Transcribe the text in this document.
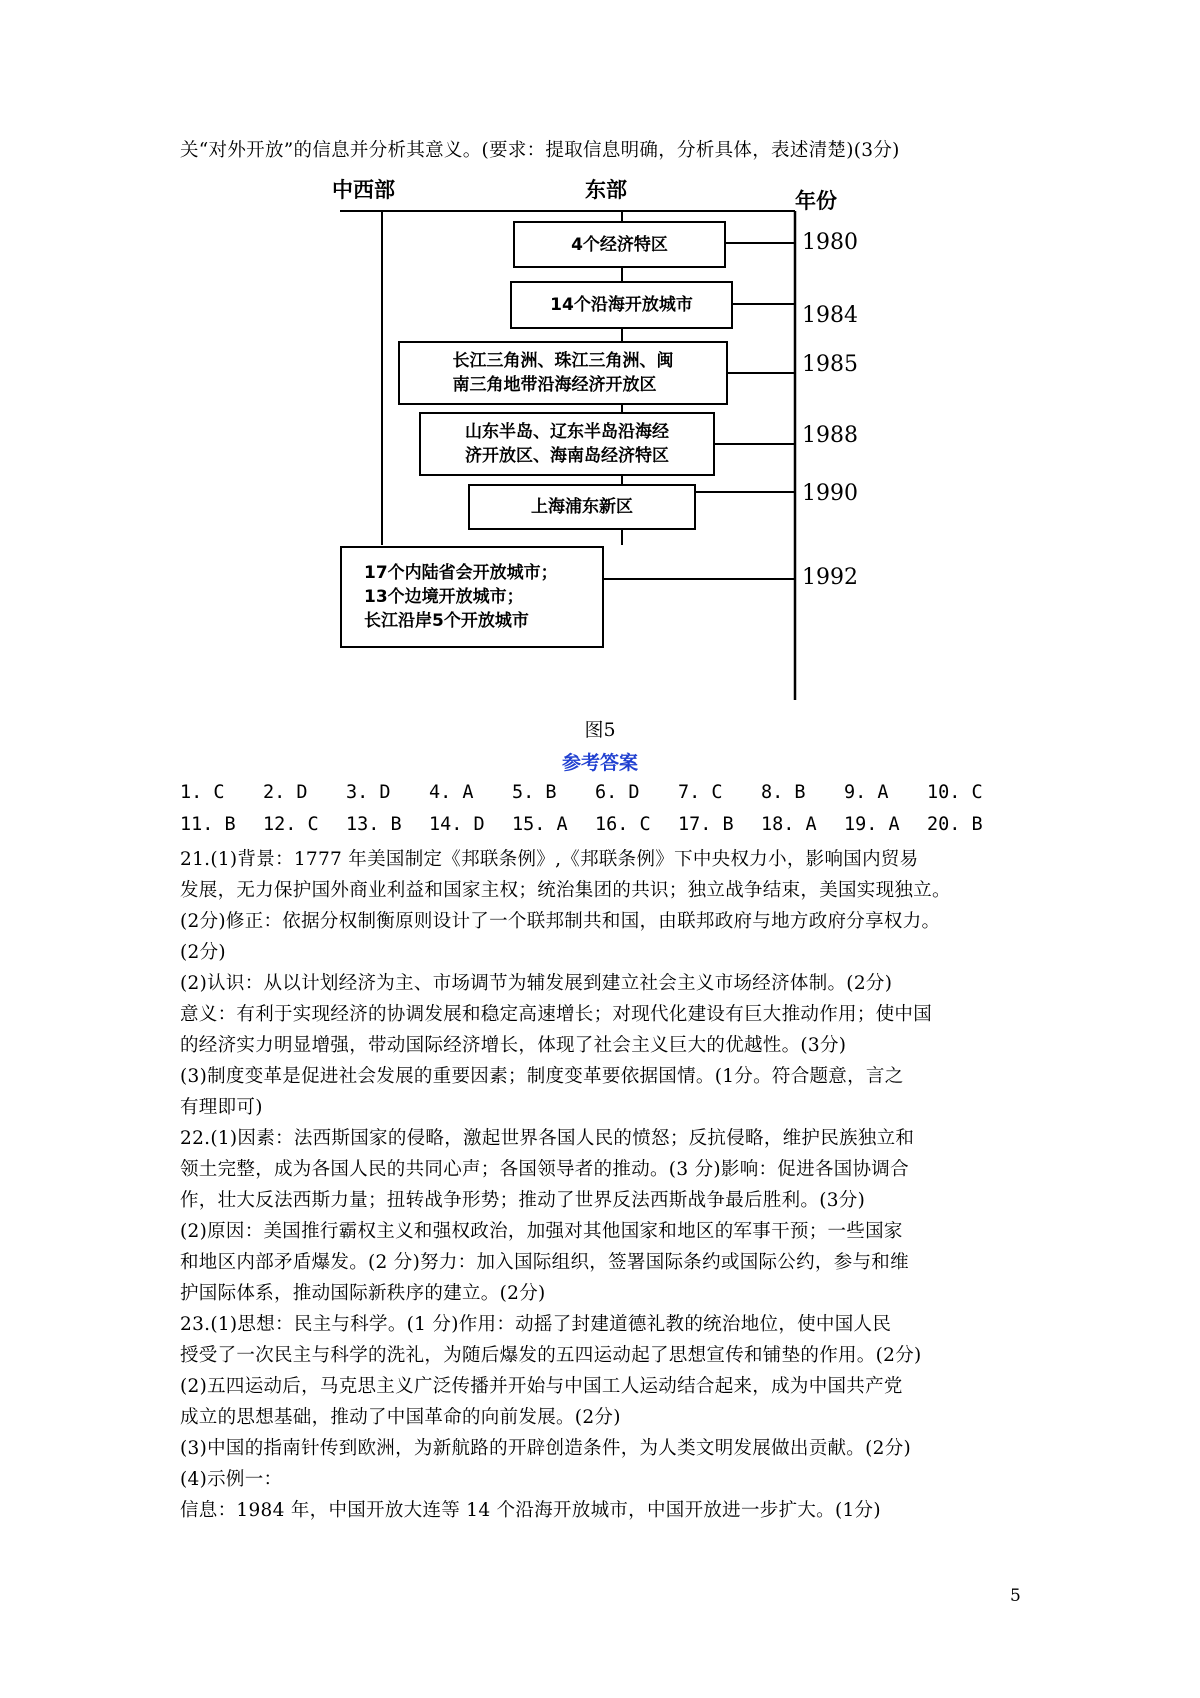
关“对外开放”的信息并分析其意义。(要求：提取信息明确，分析具体，表述清楚)(3分)
中西部	东部	年份
4个经济特区
14个沿海开放城市
长江三角洲、珠江三角洲、闽
南三角地带沿海经济开放区
山东半岛、辽东半岛沿海经
济开放区、海南岛经济特区
上海浦东新区
17个内陆省会开放城市；
13个边境开放城市；
长江沿岸5个开放城市
1980
1984
1985
1988
1990
1992
图5
参考答案
1. C 2. D 3. D 4. A 5. B 6. D 7. C 8. B 9. A 10. C
11. B 12. C 13. B 14. D 15. A 16. C 17. B 18. A 19. A 20. B
21.(1)背景：1777 年美国制定《邦联条例》,《邦联条例》下中央权力小，影响国内贸易
发展，无力保护国外商业利益和国家主权；统治集团的共识；独立战争结束，美国实现独立。
(2分)修正：依据分权制衡原则设计了一个联邦制共和国，由联邦政府与地方政府分享权力。
(2分)
(2)认识：从以计划经济为主、市场调节为辅发展到建立社会主义市场经济体制。(2分)
意义：有利于实现经济的协调发展和稳定高速增长；对现代化建设有巨大推动作用；使中国
的经济实力明显增强，带动国际经济增长，体现了社会主义巨大的优越性。(3分)
(3)制度变革是促进社会发展的重要因素；制度变革要依据国情。(1分。符合题意，言之
有理即可)
22.(1)因素：法西斯国家的侵略，激起世界各国人民的愤怒；反抗侵略，维护民族独立和
领土完整，成为各国人民的共同心声；各国领导者的推动。(3 分)影响：促进各国协调合
作，壮大反法西斯力量；扭转战争形势；推动了世界反法西斯战争最后胜利。(3分)
(2)原因：美国推行霸权主义和强权政治，加强对其他国家和地区的军事干预；一些国家
和地区内部矛盾爆发。(2 分)努力：加入国际组织，签署国际条约或国际公约，参与和维
护国际体系，推动国际新秩序的建立。(2分)
23.(1)思想：民主与科学。(1 分)作用：动摇了封建道德礼教的统治地位，使中国人民
授受了一次民主与科学的洗礼，为随后爆发的五四运动起了思想宣传和铺垫的作用。(2分)
(2)五四运动后，马克思主义广泛传播并开始与中国工人运动结合起来，成为中国共产党
成立的思想基础，推动了中国革命的向前发展。(2分)
(3)中国的指南针传到欧洲，为新航路的开辟创造条件，为人类文明发展做出贡献。(2分)
(4)示例一：
信息：1984 年，中国开放大连等 14 个沿海开放城市，中国开放进一步扩大。(1分)
5
